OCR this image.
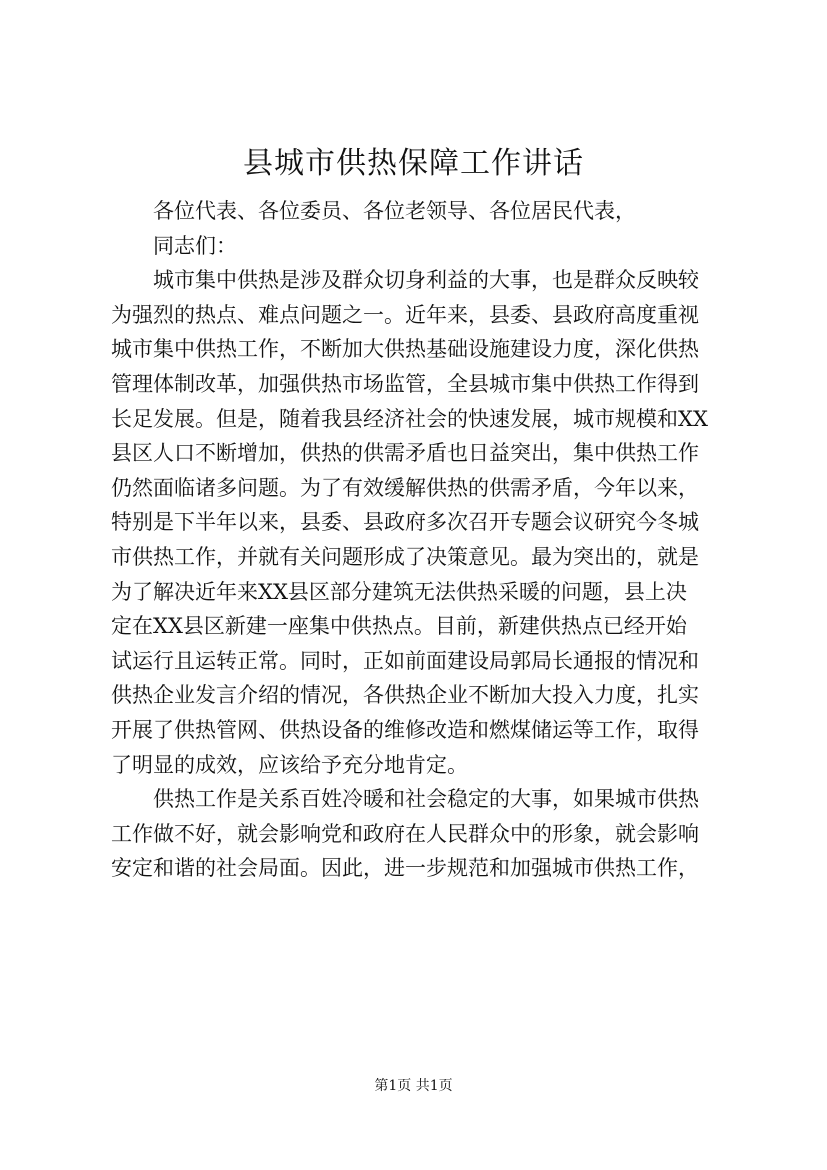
县城市供热保障工作讲话
各位代表、各位委员、各位老领导、各位居民代表，
同志们：
城市集中供热是涉及群众切身利益的大事，也是群众反映较
为强烈的热点、难点问题之一。近年来，县委、县政府高度重视
城市集中供热工作，不断加大供热基础设施建设力度，深化供热
管理体制改革，加强供热市场监管，全县城市集中供热工作得到
长足发展。但是，随着我县经济社会的快速发展，城市规模和XX
县区人口不断增加，供热的供需矛盾也日益突出，集中供热工作
仍然面临诸多问题。为了有效缓解供热的供需矛盾，今年以来，
特别是下半年以来，县委、县政府多次召开专题会议研究今冬城
市供热工作，并就有关问题形成了决策意见。最为突出的，就是
为了解决近年来XX县区部分建筑无法供热采暖的问题，县上决
定在XX县区新建一座集中供热点。目前，新建供热点已经开始
试运行且运转正常。同时，正如前面建设局郭局长通报的情况和
供热企业发言介绍的情况，各供热企业不断加大投入力度，扎实
开展了供热管网、供热设备的维修改造和燃煤储运等工作，取得
了明显的成效，应该给予充分地肯定。
供热工作是关系百姓冷暖和社会稳定的大事，如果城市供热
工作做不好，就会影响党和政府在人民群众中的形象，就会影响
安定和谐的社会局面。因此，进一步规范和加强城市供热工作，
第1页 共1页
